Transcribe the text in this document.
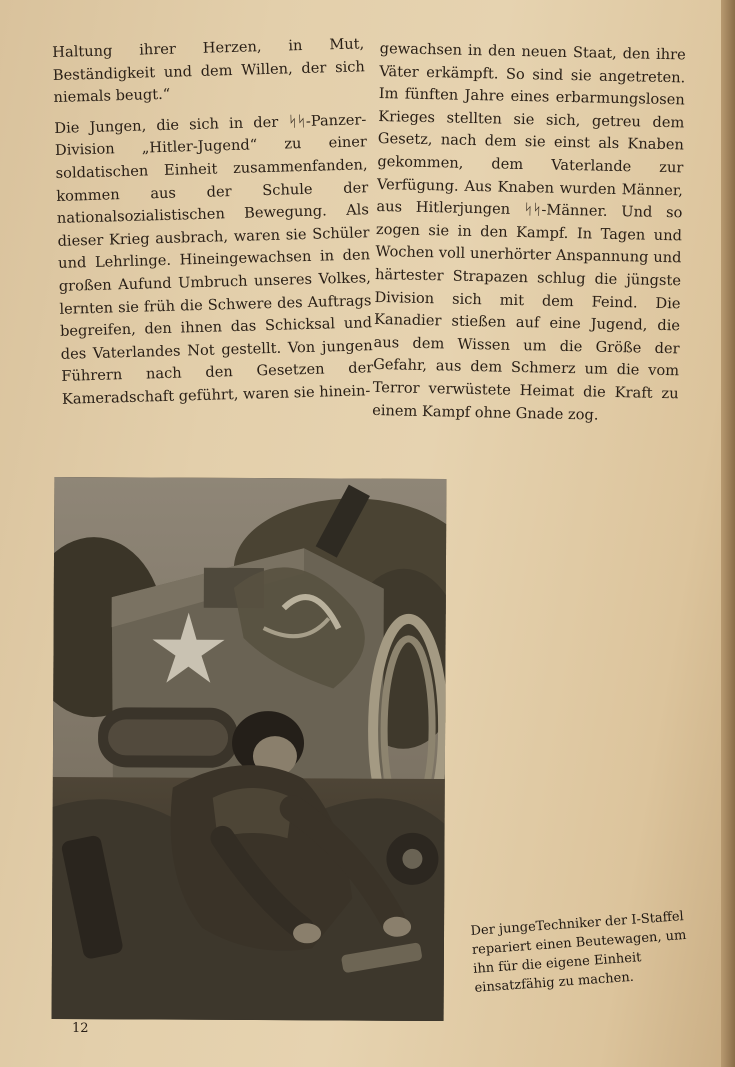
Haltung ihrer Herzen, in Mut, Beständigkeit und dem Willen, der sich niemals beugt.“

Die Jungen, die sich in der ᛋᛋ-Panzer-Division „Hitler-Jugend“ zu einer soldatischen Einheit zusammenfanden, kommen aus der Schule der nationalsozialistischen Bewegung. Als dieser Krieg ausbrach, waren sie Schüler und Lehrlinge. Hineingewachsen in den großen Aufund Umbruch unseres Volkes, lernten sie früh die Schwere des Auftrags begreifen, den ihnen das Schicksal und des Vaterlandes Not gestellt. Von jungen Führern nach den Gesetzen der Kameradschaft geführt, waren sie hinein-

gewachsen in den neuen Staat, den ihre Väter erkämpft. So sind sie angetreten. Im fünften Jahre eines erbarmungslosen Krieges stellten sie sich, getreu dem Gesetz, nach dem sie einst als Knaben gekommen, dem Vaterlande zur Verfügung. Aus Knaben wurden Männer, aus Hitlerjungen ᛋᛋ-Männer. Und so zogen sie in den Kampf. In Tagen und Wochen voll unerhörter Anspannung und härtester Strapazen schlug die jüngste Division sich mit dem Feind. Die Kanadier stießen auf eine Jugend, die aus dem Wissen um die Größe der Gefahr, aus dem Schmerz um die vom Terror verwüstete Heimat die Kraft zu einem Kampf ohne Gnade zog.

Der jungeTechniker der I-Staffel repariert einen Beutewagen, um ihn für die eigene Einheit einsatzfähig zu machen.
12
